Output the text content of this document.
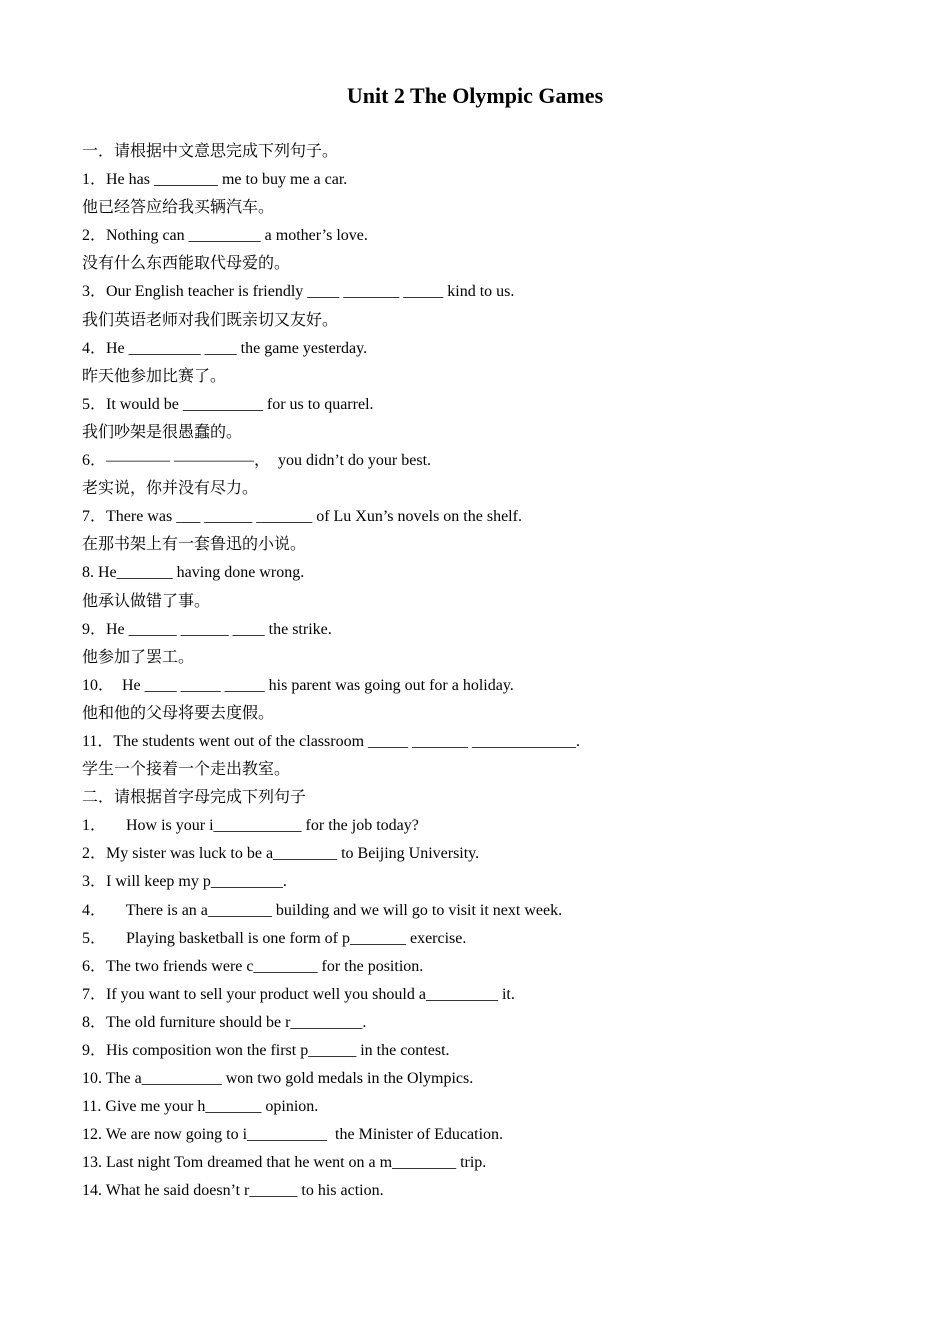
Unit 2 The Olympic Games
一．请根据中文意思完成下列句子。
1．He has ________ me to buy me a car.
他已经答应给我买辆汽车。
2．Nothing can _________ a mother’s love.
没有什么东西能取代母爱的。
3．Our English teacher is friendly ____ _______ _____ kind to us.
我们英语老师对我们既亲切又友好。
4．He _________ ____ the game yesterday.
昨天他参加比赛了。
5．It would be __________ for us to quarrel.
我们吵架是很愚蠢的。
6．———— —————，  you didn’t do your best.
老实说，你并没有尽力。
7．There was ___ ______ _______ of Lu Xun’s novels on the shelf.
在那书架上有一套鲁迅的小说。
8. He_______ having done wrong.
他承认做错了事。
9．He ______ ______ ____ the strike.
他参加了罢工。
10．  He ____ _____ _____ his parent was going out for a holiday.
他和他的父母将要去度假。
11．The students went out of the classroom _____ _______ _____________.
学生一个接着一个走出教室。
二．请根据首字母完成下列句子
1．     How is your i___________ for the job today?
2．My sister was luck to be a________ to Beijing University.
3．I will keep my p_________.
4．     There is an a________ building and we will go to visit it next week.
5．     Playing basketball is one form of p_______ exercise.
6．The two friends were c________ for the position.
7．If you want to sell your product well you should a_________ it.
8．The old furniture should be r_________.
9．His composition won the first p______ in the contest.
10. The a__________ won two gold medals in the Olympics.
11. Give me your h_______ opinion.
12. We are now going to i__________  the Minister of Education.
13. Last night Tom dreamed that he went on a m________ trip.
14. What he said doesn’t r______ to his action.
